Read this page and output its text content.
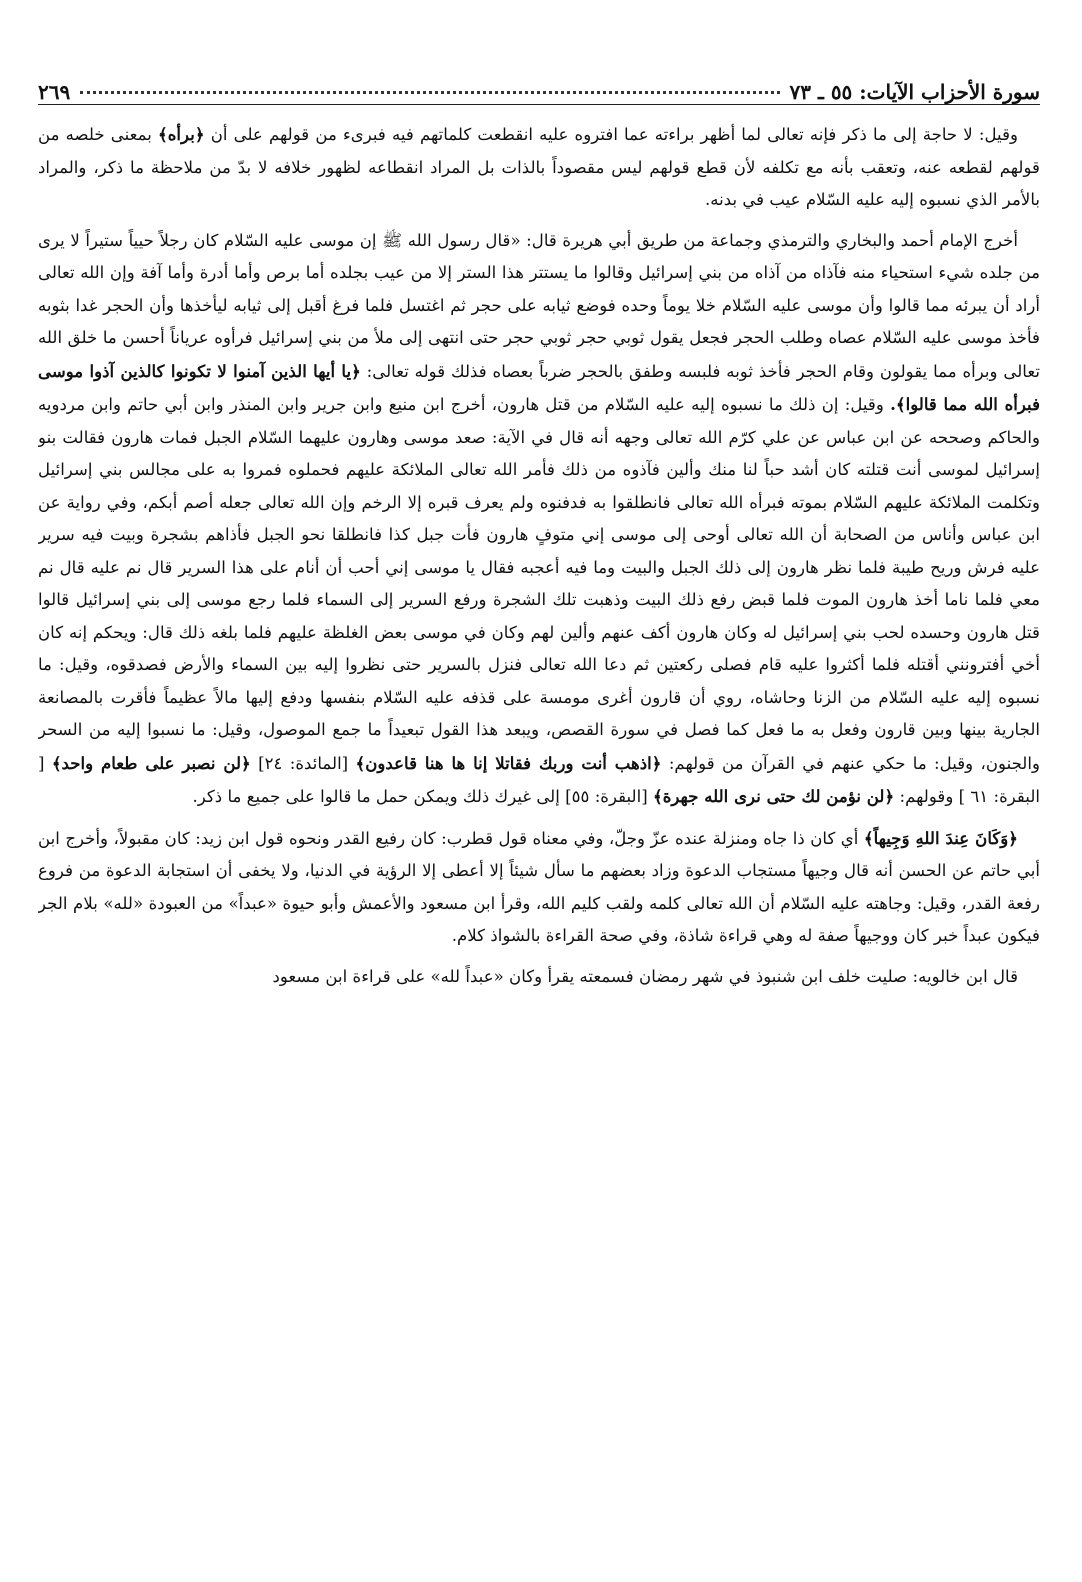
سورة الأحزاب الآيات: ٥٥ ـ ٧٣
٢٦٩

وقيل: لا حاجة إلى ما ذكر فإنه تعالى لما أظهر براءته عما افتروه عليه انقطعت كلماتهم فيه فبرىء من قولهم على أن ﴿برأه﴾ بمعنى خلصه من قولهم لقطعه عنه، وتعقب بأنه مع تكلفه لأن قطع قولهم ليس مقصوداً بالذات بل المراد انقطاعه لظهور خلافه لا بدّ من ملاحظة ما ذكر، والمراد بالأمر الذي نسبوه إليه عليه السّلام عيب في بدنه.

أخرج الإمام أحمد والبخاري والترمذي وجماعة من طريق أبي هريرة قال: «قال رسول الله ﷺ إن موسى عليه السّلام كان رجلاً حيياً ستيراً لا يرى من جلده شيء استحياء منه فآذاه من آذاه من بني إسرائيل وقالوا ما يستتر هذا الستر إلا من عيب بجلده أما برص وأما أدرة وأما آفة وإن الله تعالى أراد أن يبرئه مما قالوا وأن موسى عليه السّلام خلا يوماً وحده فوضع ثيابه على حجر ثم اغتسل فلما فرغ أقبل إلى ثيابه ليأخذها وأن الحجر غدا بثوبه فأخذ موسى عليه السّلام عصاه وطلب الحجر فجعل يقول ثوبي حجر ثوبي حجر حتى انتهى إلى ملأ من بني إسرائيل فرأوه عرياناً أحسن ما خلق الله تعالى وبرأه مما يقولون وقام الحجر فأخذ ثوبه فلبسه وطفق بالحجر ضرباً بعصاه فذلك قوله تعالى: ﴿يا أيها الذين آمنوا لا تكونوا كالذين آذوا موسى فبرأه الله مما قالوا﴾. وقيل: إن ذلك ما نسبوه إليه عليه السّلام من قتل هارون، أخرج ابن منيع وابن جرير وابن المنذر وابن أبي حاتم وابن مردويه والحاكم وصححه عن ابن عباس عن علي كرّم الله تعالى وجهه أنه قال في الآية: صعد موسى وهارون عليهما السّلام الجبل فمات هارون فقالت بنو إسرائيل لموسى أنت قتلته كان أشد حباً لنا منك وألين فآذوه من ذلك فأمر الله تعالى الملائكة عليهم فحملوه فمروا به على مجالس بني إسرائيل وتكلمت الملائكة عليهم السّلام بموته فبرأه الله تعالى فانطلقوا به فدفنوه ولم يعرف قبره إلا الرخم وإن الله تعالى جعله أصم أبكم، وفي رواية عن ابن عباس وأناس من الصحابة أن الله تعالى أوحى إلى موسى إني متوفٍ هارون فأت جبل كذا فانطلقا نحو الجبل فأذاهم بشجرة وبيت فيه سرير عليه فرش وريح طيبة فلما نظر هارون إلى ذلك الجبل والبيت وما فيه أعجبه فقال يا موسى إني أحب أن أنام على هذا السرير قال نم عليه قال نم معي فلما ناما أخذ هارون الموت فلما قبض رفع ذلك البيت وذهبت تلك الشجرة ورفع السرير إلى السماء فلما رجع موسى إلى بني إسرائيل قالوا قتل هارون وحسده لحب بني إسرائيل له وكان هارون أكف عنهم وألين لهم وكان في موسى بعض الغلظة عليهم فلما بلغه ذلك قال: ويحكم إنه كان أخي أفترونني أقتله فلما أكثروا عليه قام فصلى ركعتين ثم دعا الله تعالى فنزل بالسرير حتى نظروا إليه بين السماء والأرض فصدقوه، وقيل: ما نسبوه إليه عليه السّلام من الزنا وحاشاه، روي أن قارون أغرى مومسة على قذفه عليه السّلام بنفسها ودفع إليها مالاً عظيماً فأقرت بالمصانعة الجارية بينها وبين قارون وفعل به ما فعل كما فصل في سورة القصص، ويبعد هذا القول تبعيداً ما جمع الموصول، وقيل: ما نسبوا إليه من السحر والجنون، وقيل: ما حكي عنهم في القرآن من قولهم: ﴿اذهب أنت وربك فقاتلا إنا ها هنا قاعدون﴾ [المائدة: ٢٤] ﴿لن نصبر على طعام واحد﴾ [ البقرة: ٦١ ] وقولهم: ﴿لن نؤمن لك حتى نرى الله جهرة﴾ [البقرة: ٥٥] إلى غيرك ذلك ويمكن حمل ما قالوا على جميع ما ذكر.

﴿وَكَانَ عِندَ اللهِ وَجِيهاً﴾ أي كان ذا جاه ومنزلة عنده عزّ وجلّ، وفي معناه قول قطرب: كان رفيع القدر ونحوه قول ابن زيد: كان مقبولاً، وأخرج ابن أبي حاتم عن الحسن أنه قال وجيهاً مستجاب الدعوة وزاد بعضهم ما سأل شيئاً إلا أعطى إلا الرؤية في الدنيا، ولا يخفى أن استجابة الدعوة من فروع رفعة القدر، وقيل: وجاهته عليه السّلام أن الله تعالى كلمه ولقب كليم الله، وقرأ ابن مسعود والأعمش وأبو حيوة «عبداً» من العبودة «لله» بلام الجر فيكون عبداً خبر كان ووجيهاً صفة له وهي قراءة شاذة، وفي صحة القراءة بالشواذ كلام.

قال ابن خالويه: صليت خلف ابن شنبوذ في شهر رمضان فسمعته يقرأ وكان «عبداً لله» على قراءة ابن مسعود
